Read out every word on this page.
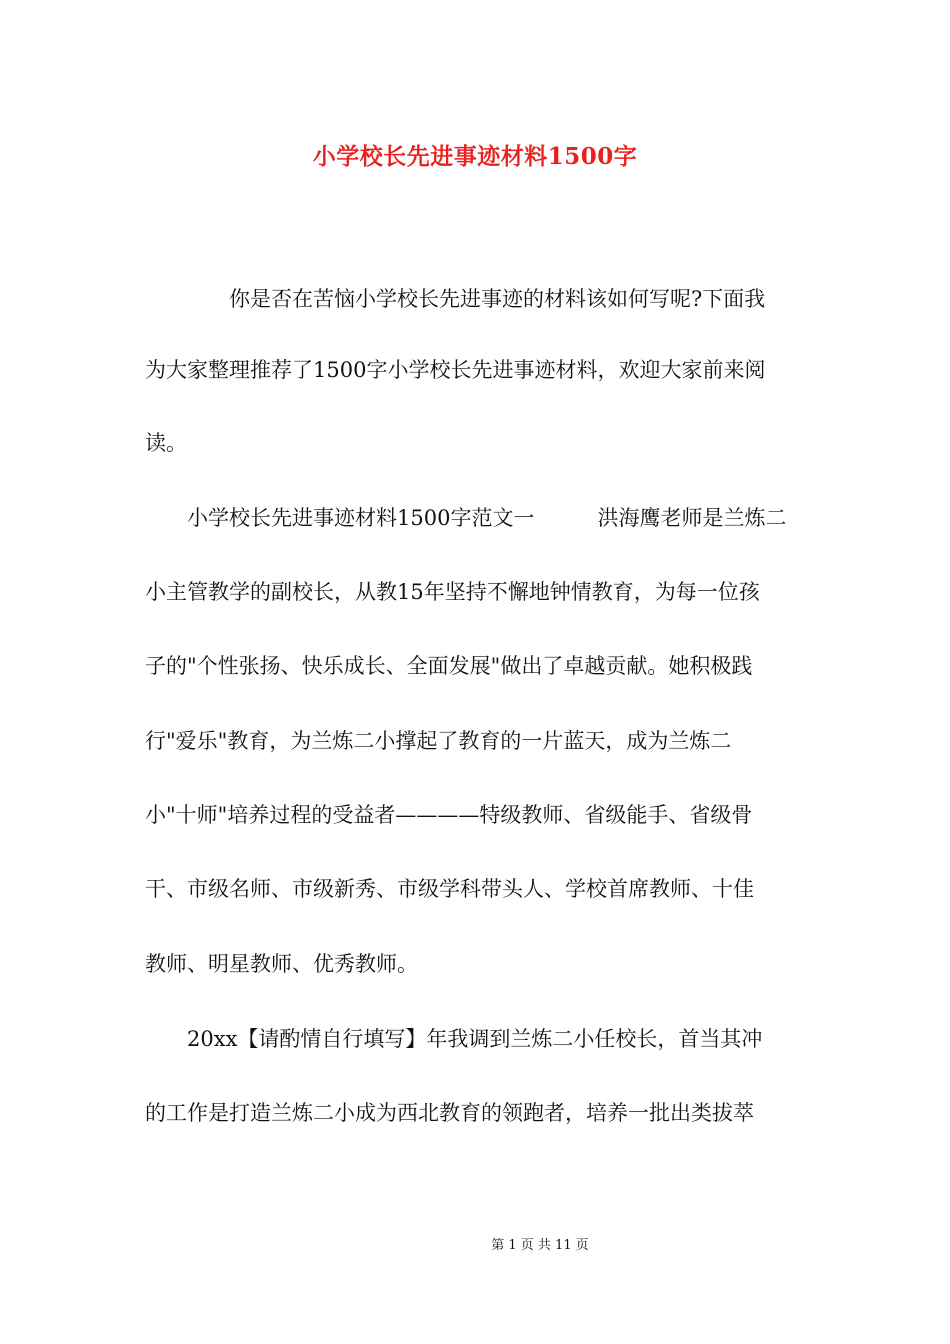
小学校长先进事迹材料1500字
　　　　你是否在苦恼小学校长先进事迹的材料该如何写呢?下面我
为大家整理推荐了1500字小学校长先进事迹材料，欢迎大家前来阅
读。
　　小学校长先进事迹材料1500字范文一　　　洪海鹰老师是兰炼二
小主管教学的副校长，从教15年坚持不懈地钟情教育，为每一位孩
子的"个性张扬、快乐成长、全面发展"做出了卓越贡献。她积极践
行"爱乐"教育，为兰炼二小撑起了教育的一片蓝天，成为兰炼二
小"十师"培养过程的受益者————特级教师、省级能手、省级骨
干、市级名师、市级新秀、市级学科带头人、学校首席教师、十佳
教师、明星教师、优秀教师。
　　20xx【请酌情自行填写】年我调到兰炼二小任校长，首当其冲
的工作是打造兰炼二小成为西北教育的领跑者，培养一批出类拔萃
第 1 页 共 11 页
